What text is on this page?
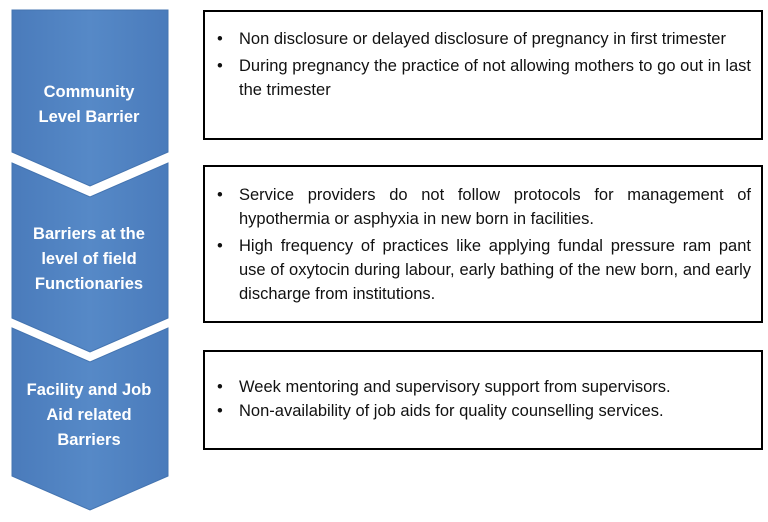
Community
Level Barrier
• Non disclosure or delayed disclosure of pregnancy in first trimester
• During pregnancy the practice of not allowing mothers to go out in last the trimester
Barriers at the
level of field
Functionaries
• Service providers do not follow protocols for management of hypothermia or asphyxia in new born in facilities.
• High frequency of practices like applying fundal pressure ram pant use of oxytocin during labour, early bathing of the new born, and early discharge from institutions.
Facility and Job
Aid related
Barriers
• Week mentoring and supervisory support from supervisors.
• Non-availability of job aids for quality counselling services.
